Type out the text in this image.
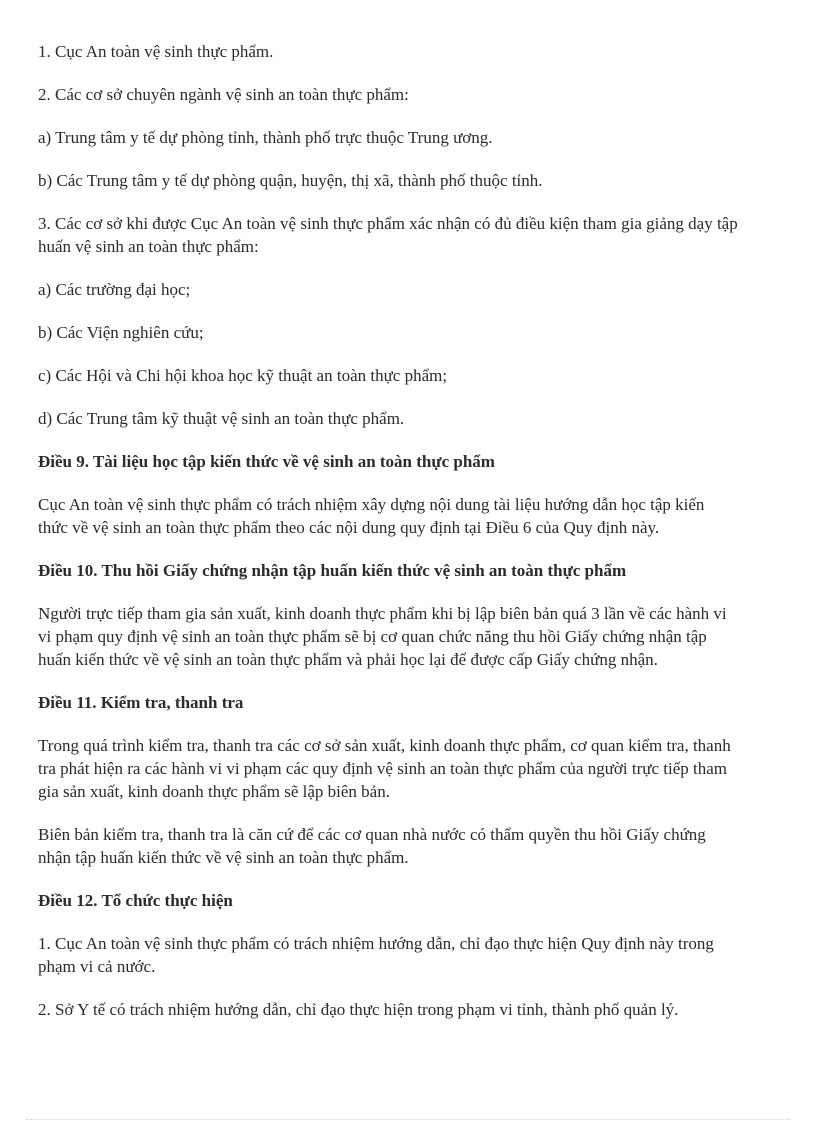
1. Cục An toàn vệ sinh thực phẩm.

2. Các cơ sở chuyên ngành vệ sinh an toàn thực phẩm:

a) Trung tâm y tế dự phòng tỉnh, thành phố trực thuộc Trung ương.

b) Các Trung tâm y tế dự phòng quận, huyện, thị xã, thành phố thuộc tỉnh.

3. Các cơ sở khi được Cục An toàn vệ sinh thực phẩm xác nhận có đủ điều kiện tham gia giảng dạy tập huấn vệ sinh an toàn thực phẩm:

a) Các trường đại học;

b) Các Viện nghiên cứu;

c) Các Hội và Chi hội khoa học kỹ thuật an toàn thực phẩm;

d) Các Trung tâm kỹ thuật vệ sinh an toàn thực phẩm.

Điều 9. Tài liệu học tập kiến thức về vệ sinh an toàn thực phẩm

Cục An toàn vệ sinh thực phẩm có trách nhiệm xây dựng nội dung tài liệu hướng dẫn học tập kiến thức về vệ sinh an toàn thực phẩm theo các nội dung quy định tại Điều 6 của Quy định này.

Điều 10. Thu hồi Giấy chứng nhận tập huấn kiến thức vệ sinh an toàn thực phẩm

Người trực tiếp tham gia sản xuất, kinh doanh thực phẩm khi bị lập biên bản quá 3 lần về các hành vi vi phạm quy định vệ sinh an toàn thực phẩm sẽ bị cơ quan chức năng thu hồi Giấy chứng nhận tập huấn kiến thức về vệ sinh an toàn thực phẩm và phải học lại để được cấp Giấy chứng nhận.

Điều 11. Kiểm tra, thanh tra

Trong quá trình kiểm tra, thanh tra các cơ sở sản xuất, kinh doanh thực phẩm, cơ quan kiểm tra, thanh tra phát hiện ra các hành vi vi phạm các quy định vệ sinh an toàn thực phẩm của người trực tiếp tham gia sản xuất, kinh doanh thực phẩm sẽ lập biên bản.

Biên bản kiểm tra, thanh tra là căn cứ để các cơ quan nhà nước có thẩm quyền thu hồi Giấy chứng nhận tập huấn kiến thức về vệ sinh an toàn thực phẩm.

Điều 12. Tổ chức thực hiện

1. Cục An toàn vệ sinh thực phẩm có trách nhiệm hướng dẫn, chỉ đạo thực hiện Quy định này trong phạm vi cả nước.

2. Sở Y tế có trách nhiệm hướng dẫn, chỉ đạo thực hiện trong phạm vi tỉnh, thành phố quản lý.
